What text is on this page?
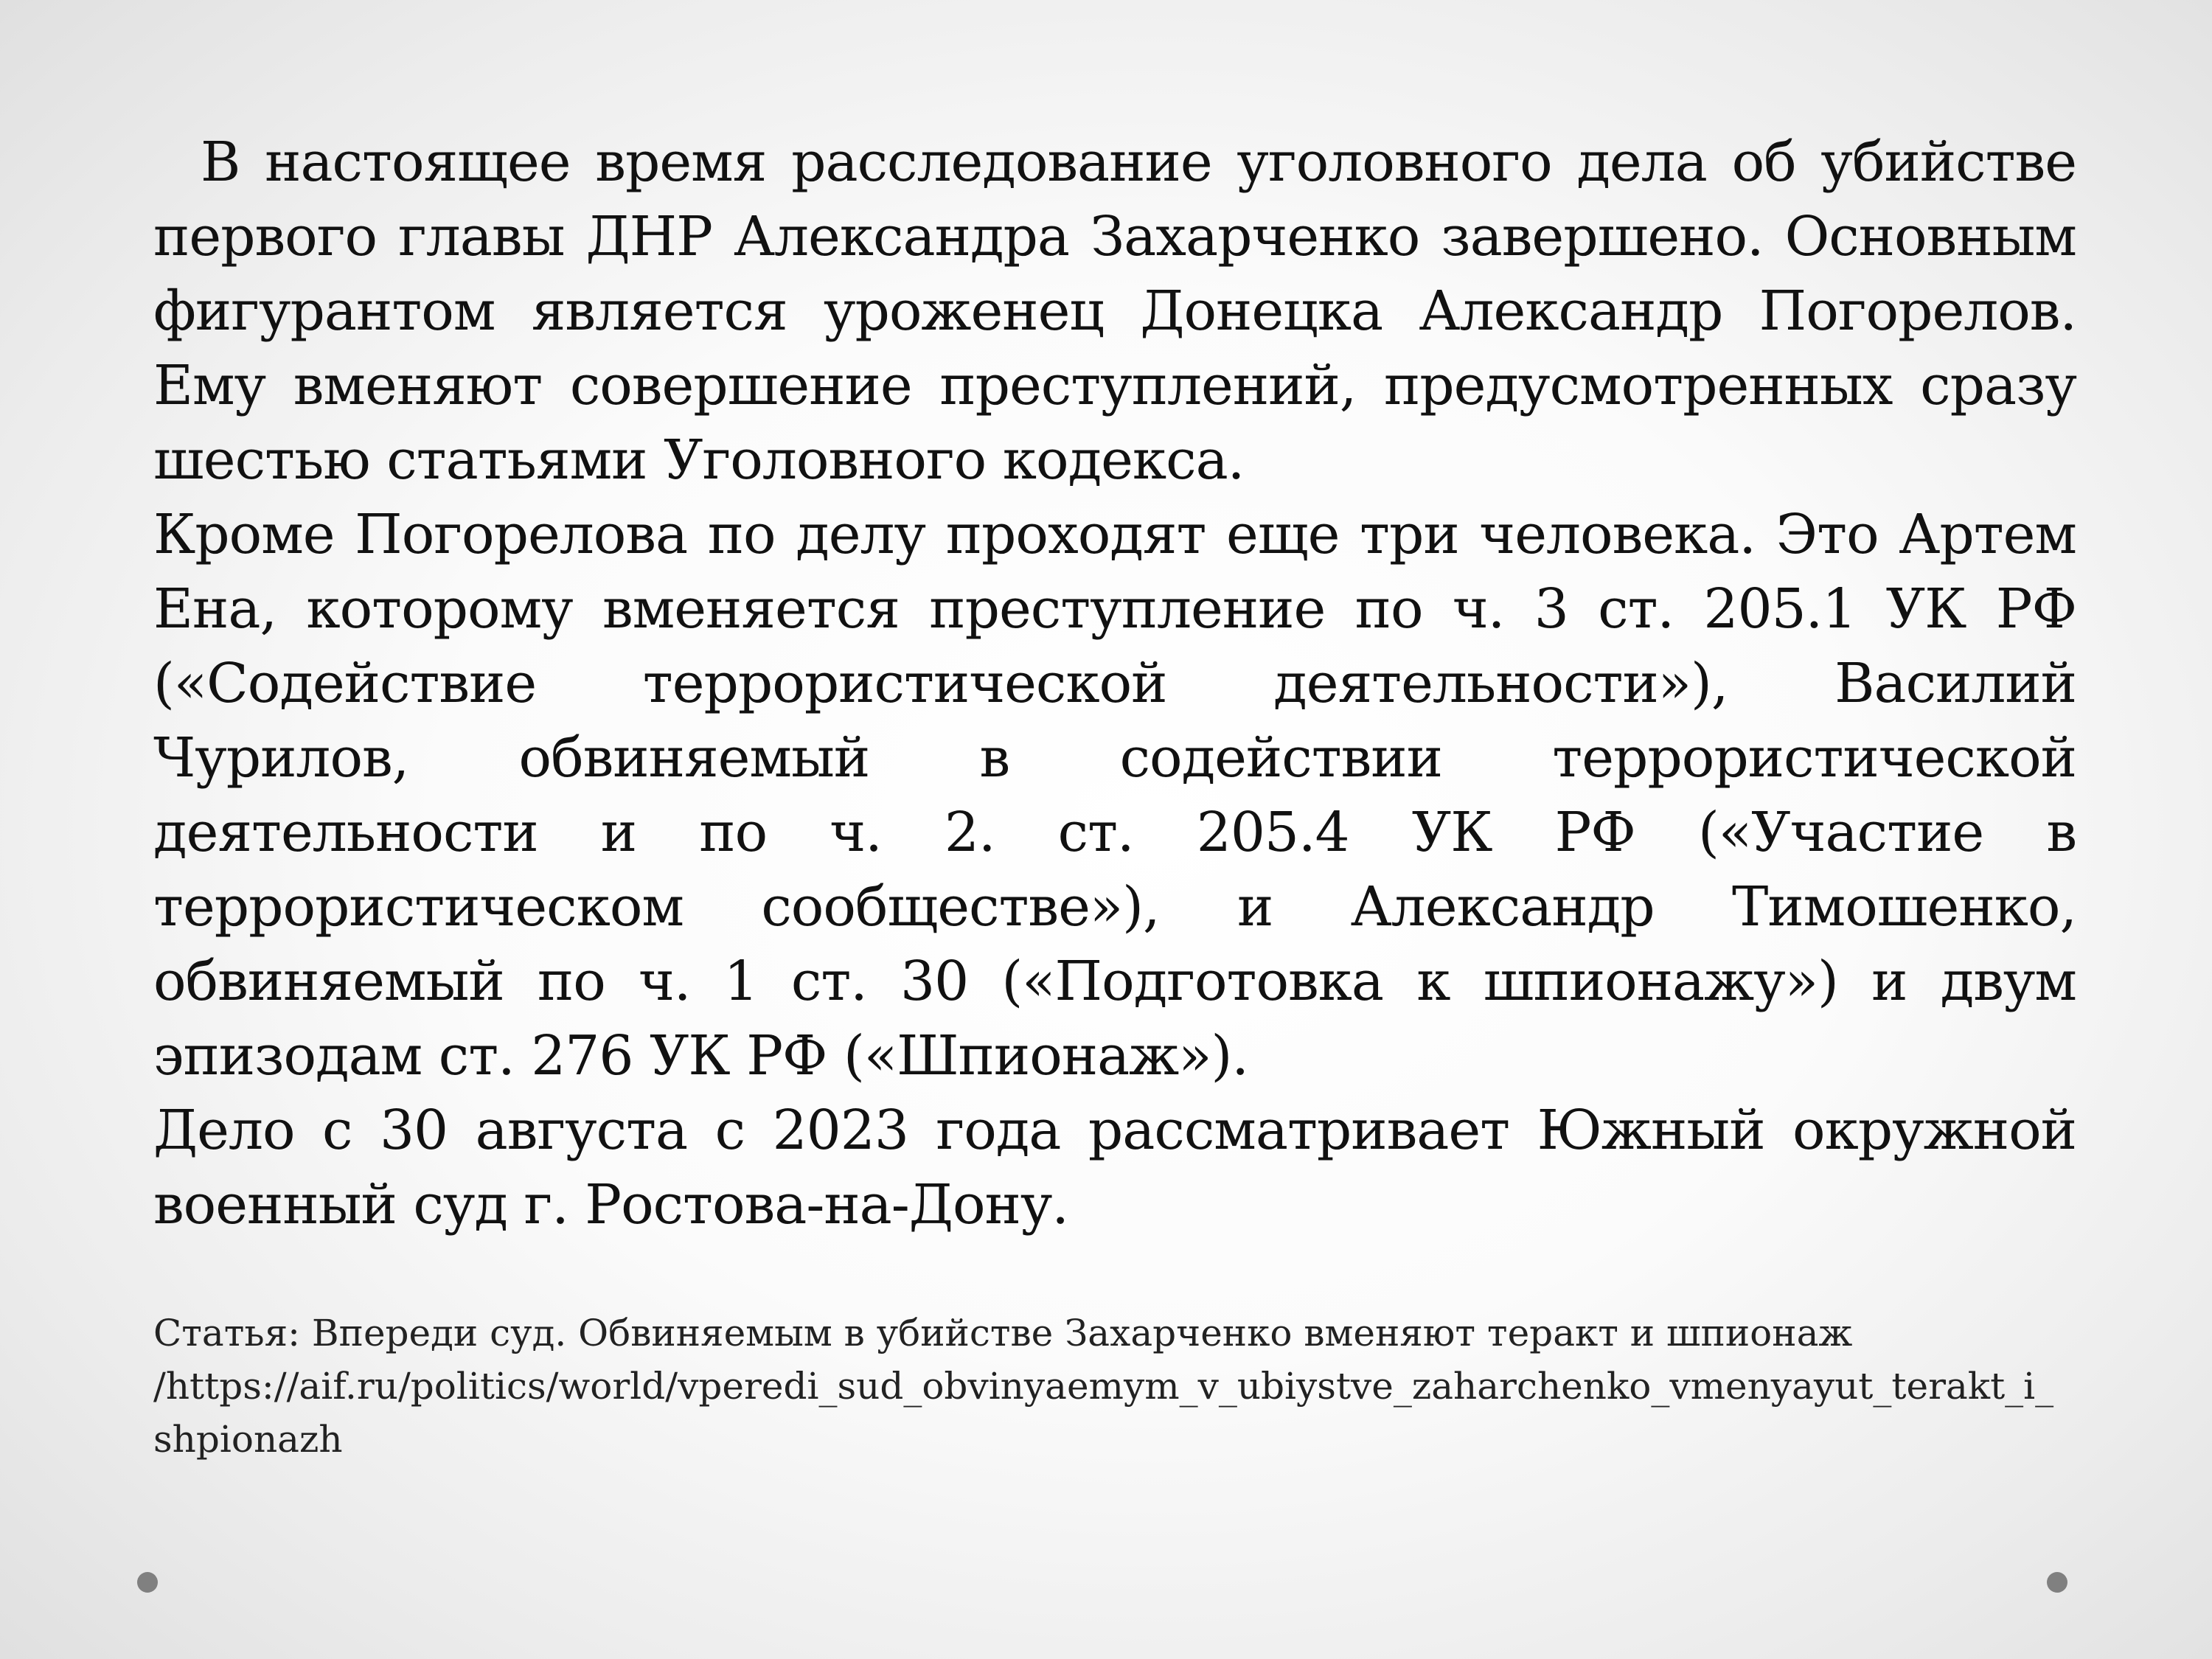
В настоящее время расследование уголовного дела об убийстве первого главы ДНР Александра Захарченко завершено. Основным фигурантом является уроженец Донецка Александр Погорелов. Ему вменяют совершение преступлений, предусмотренных сразу шестью статьями Уголовного кодекса.

Кроме Погорелова по делу проходят еще три человека. Это Артем Ена, которому вменяется преступление по ч. 3 ст. 205.1 УК РФ («Содействие террористической деятельности»), Василий Чурилов, обвиняемый в содействии террористической деятельности и по ч. 2. ст. 205.4 УК РФ («Участие в террористическом сообществе»), и Александр Тимошенко, обвиняемый по ч. 1 ст. 30 («Подготовка к шпионажу») и двум эпизодам ст. 276 УК РФ («Шпионаж»).

Дело с 30 августа с 2023 года рассматривает Южный окружной военный суд г. Ростова-на-Дону.

Статья: Впереди суд. Обвиняемым в убийстве Захарченко вменяют теракт и шпионаж
/https://aif.ru/politics/world/vperedi_sud_obvinyaemym_v_ubiystve_zaharchenko_vmenyayut_terakt_i_shpionazh
